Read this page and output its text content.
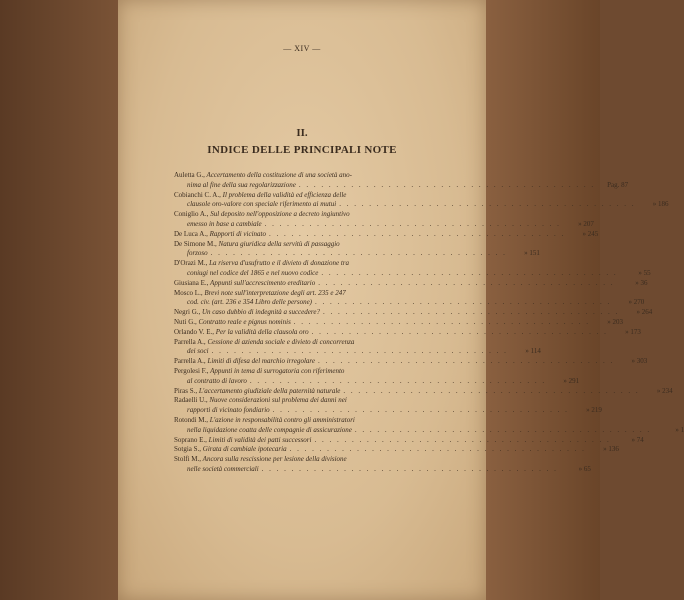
— XIV —
II.
INDICE DELLE PRINCIPALI NOTE
Auletta G., Accertamento della costituzione di una società ano-
nima al fine della sua regolarizzazione . . . . . . . . . . . . . . . . . . . . . . . . . . . . . . . . . . . . . . . .	Pag. 87
Cobianchi C. A., Il problema della validità ed efficienza delle
clausole oro-valore con speciale riferimento ai mutui . . . . . . . . . . . . . . . . . . . . . . . . . . . . . . . . . . . . . . . .	» 186
Coniglio A., Sul deposito nell'opposizione a decreto ingiuntivo
emesso in base a cambiale . . . . . . . . . . . . . . . . . . . . . . . . . . . . . . . . . . . . . . . .	» 207
De Luca A., Rapporti di vicinato . . . . . . . . . . . . . . . . . . . . . . . . . . . . . . . . . . . . . . . .	» 245
De Simone M., Natura giuridica della servitù di passaggio
forzoso . . . . . . . . . . . . . . . . . . . . . . . . . . . . . . . . . . . . . . . .	» 151
D'Orazi M., La riserva d'usufrutto e il divieto di donazione tra
coniugi nel codice del 1865 e nel nuovo codice . . . . . . . . . . . . . . . . . . . . . . . . . . . . . . . . . . . . . . . .	» 55
Giusiana E., Appunti sull'accrescimento ereditario . . . . . . . . . . . . . . . . . . . . . . . . . . . . . . . . . . . . . . . .	» 36
Mosco L., Brevi note sull'interpretazione degli art. 235 e 247
cod. civ. (art. 236 e 354 Libro delle persone) . . . . . . . . . . . . . . . . . . . . . . . . . . . . . . . . . . . . . . . .	» 270
Negri G., Un caso dubbio di indegnità a succedere? . . . . . . . . . . . . . . . . . . . . . . . . . . . . . . . . . . . . . . . .	» 264
Nuti G., Contratto reale e pignus nominis . . . . . . . . . . . . . . . . . . . . . . . . . . . . . . . . . . . . . . . .	» 203
Orlando V. E., Per la validità della clausola oro . . . . . . . . . . . . . . . . . . . . . . . . . . . . . . . . . . . . . . . .	» 173
Parrella A., Cessione di azienda sociale e divieto di concorrenza
dei soci . . . . . . . . . . . . . . . . . . . . . . . . . . . . . . . . . . . . . . . .	» 114
Parrella A., Limiti di difesa del marchio irregolare . . . . . . . . . . . . . . . . . . . . . . . . . . . . . . . . . . . . . . . .	» 303
Pergolesi F., Appunti in tema di surrogatoria con riferimento
al contratto di lavoro . . . . . . . . . . . . . . . . . . . . . . . . . . . . . . . . . . . . . . . .	» 291
Piras S., L'accertamento giudiziale della paternità naturale . . . . . . . . . . . . . . . . . . . . . . . . . . . . . . . . . . . . . . . .	» 234
Radaelli U., Nuove considerazioni sul problema dei danni nei
rapporti di vicinato fondiario . . . . . . . . . . . . . . . . . . . . . . . . . . . . . . . . . . . . . . . .	» 219
Rotondi M., L'azione in responsabilità contro gli amministratori
nella liquidazione coatta delle compagnie di assicurazione . . . . . . . . . . . . . . . . . . . . . . . . . . . . . . . . . . . . . . . .	» 1
Soprano E., Limiti di validità dei patti successori . . . . . . . . . . . . . . . . . . . . . . . . . . . . . . . . . . . . . . . .	» 74
Sotgia S., Girata di cambiale ipotecaria . . . . . . . . . . . . . . . . . . . . . . . . . . . . . . . . . . . . . . . .	» 136
Stolfi M., Ancora sulla rescissione per lesione della divisione
nelle società commerciali . . . . . . . . . . . . . . . . . . . . . . . . . . . . . . . . . . . . . . . .	» 65
